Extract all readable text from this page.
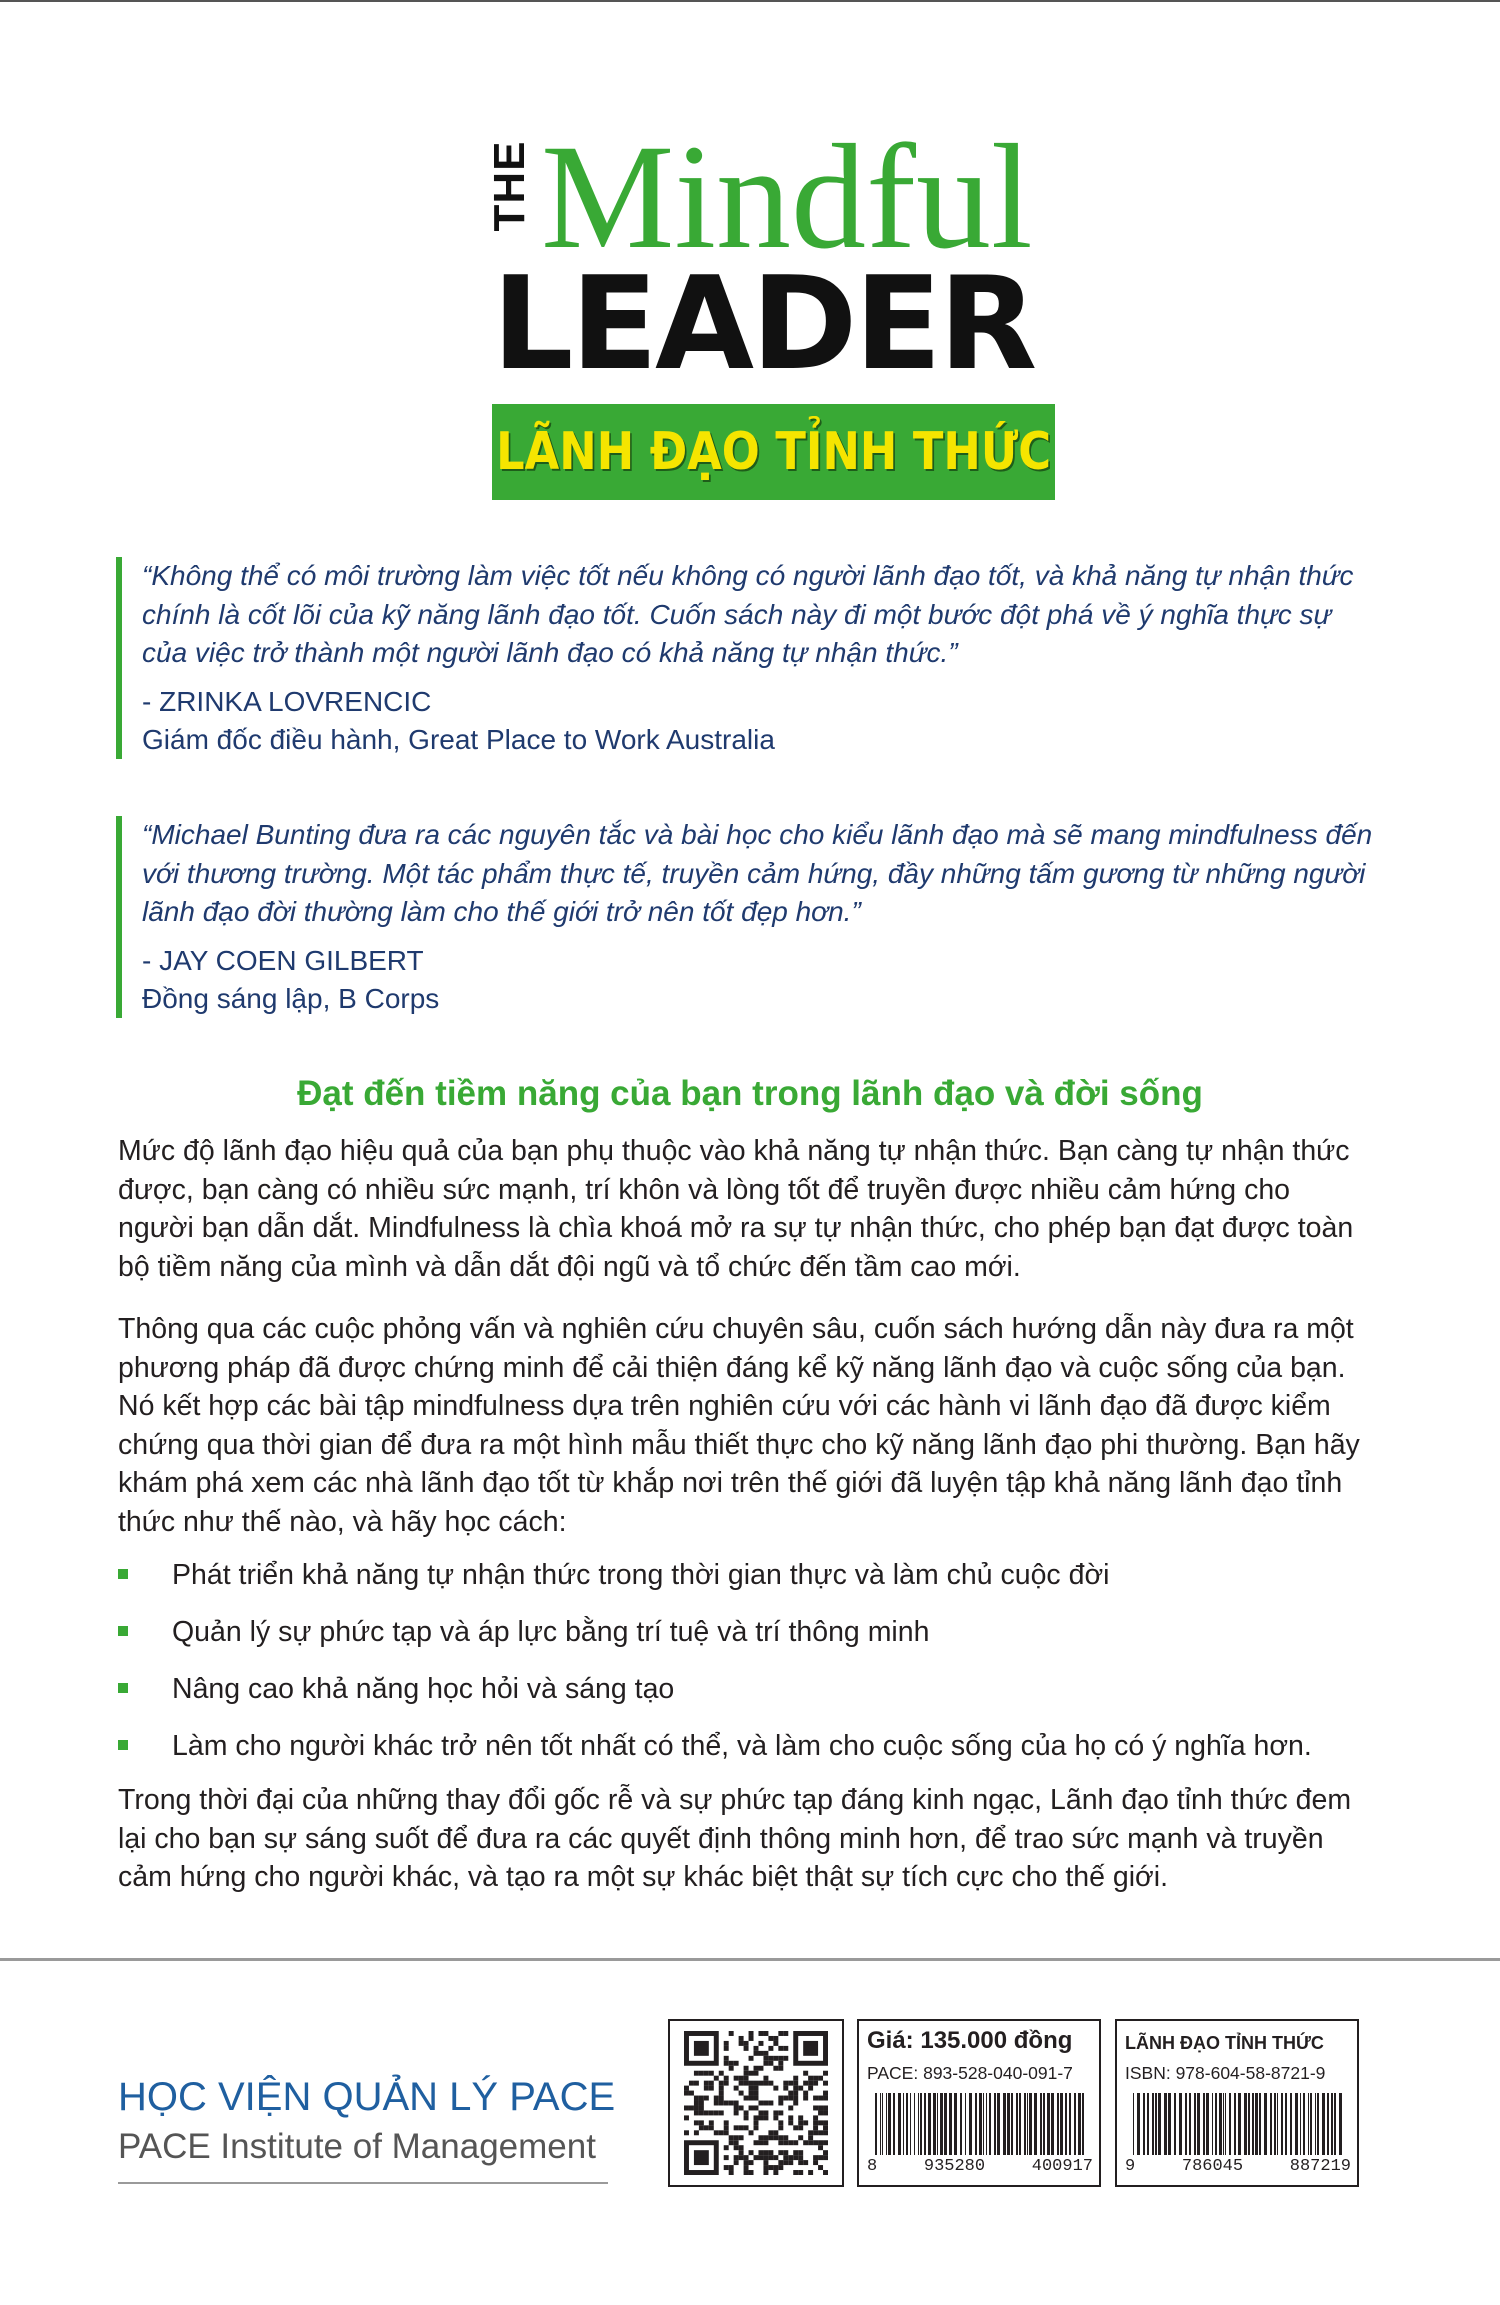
THE Mindful
LEADER
LÃNH ĐẠO TỈNH THỨC

“Không thể có môi trường làm việc tốt nếu không có người lãnh đạo tốt, và khả năng tự nhận thức chính là cốt lõi của kỹ năng lãnh đạo tốt. Cuốn sách này đi một bước đột phá về ý nghĩa thực sự của việc trở thành một người lãnh đạo có khả năng tự nhận thức.”

- ZRINKA LOVRENCIC

Giám đốc điều hành, Great Place to Work Australia

“Michael Bunting đưa ra các nguyên tắc và bài học cho kiểu lãnh đạo mà sẽ mang mindfulness đến với thương trường. Một tác phẩm thực tế, truyền cảm hứng, đầy những tấm gương từ những người lãnh đạo đời thường làm cho thế giới trở nên tốt đẹp hơn.”

- JAY COEN GILBERT

Đồng sáng lập, B Corps

Đạt đến tiềm năng của bạn trong lãnh đạo và đời sống

Mức độ lãnh đạo hiệu quả của bạn phụ thuộc vào khả năng tự nhận thức. Bạn càng tự nhận thức được, bạn càng có nhiều sức mạnh, trí khôn và lòng tốt để truyền được nhiều cảm hứng cho người bạn dẫn dắt. Mindfulness là chìa khoá mở ra sự tự nhận thức, cho phép bạn đạt được toàn bộ tiềm năng của mình và dẫn dắt đội ngũ và tổ chức đến tầm cao mới.

Thông qua các cuộc phỏng vấn và nghiên cứu chuyên sâu, cuốn sách hướng dẫn này đưa ra một phương pháp đã được chứng minh để cải thiện đáng kể kỹ năng lãnh đạo và cuộc sống của bạn. Nó kết hợp các bài tập mindfulness dựa trên nghiên cứu với các hành vi lãnh đạo đã được kiểm chứng qua thời gian để đưa ra một hình mẫu thiết thực cho kỹ năng lãnh đạo phi thường. Bạn hãy khám phá xem các nhà lãnh đạo tốt từ khắp nơi trên thế giới đã luyện tập khả năng lãnh đạo tỉnh thức như thế nào, và hãy học cách:

Phát triển khả năng tự nhận thức trong thời gian thực và làm chủ cuộc đời
Quản lý sự phức tạp và áp lực bằng trí tuệ và trí thông minh
Nâng cao khả năng học hỏi và sáng tạo
Làm cho người khác trở nên tốt nhất có thể, và làm cho cuộc sống của họ có ý nghĩa hơn.

Trong thời đại của những thay đổi gốc rễ và sự phức tạp đáng kinh ngạc, Lãnh đạo tỉnh thức đem lại cho bạn sự sáng suốt để đưa ra các quyết định thông minh hơn, để trao sức mạnh và truyền cảm hứng cho người khác, và tạo ra một sự khác biệt thật sự tích cực cho thế giới.

HỌC VIỆN QUẢN LÝ PACE
PACE Institute of Management
Giá: 135.000 đồng
PACE: 893-528-040-091-7
8	935280	400917
LÃNH ĐẠO TỈNH THỨC
ISBN: 978-604-58-8721-9
9	786045	887219
